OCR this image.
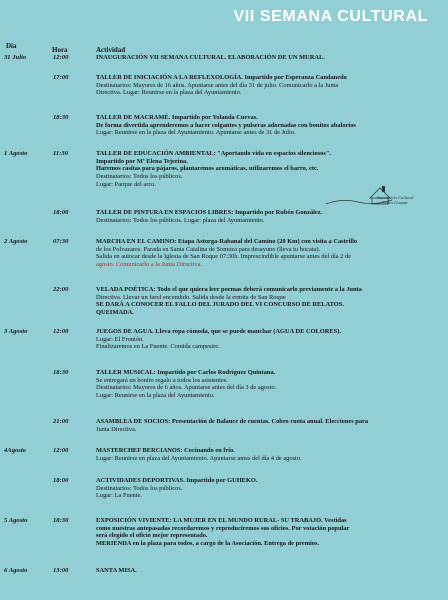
VII SEMANA CULTURAL
Día	Hora	Actividad
Asociación Cultural
Pedro Gaspar
31 Julio	12:00	INAUGURACIÓN VII SEMANA CULTURAL. ELABORACIÓN DE UN MURAL.
17:00	TALLER DE INICIACIÓN A LA REFLEXOLOGÍA. Impartido por Esperanza Candanedo
Destinatarios: Mayores de 16 años. Apuntarse antes del día 31 de julio. Comunicarlo a la Junta
Directiva. Lugar: Reunirse en la plaza del Ayuntamiento.
18:30	TALLER DE MACRAMÉ. Impartido por Yolanda Cuevas.
De forma divertida aprenderemos a hacer colgantes y pulseras adornadas con bonitos abalorios
Lugar: Reunirse en la plaza del Ayuntamiento. Apuntarse antes de 31 de Julio.
1 Agosto	11:30	TALLER DE EDUCACIÓN AMBIENTAL: "Aportando vida en espacios silenciosos".
Impartido por Mª Elena Tejerina.
Haremos casitas para pájaros, plantaremos aromáticas, utilizaremos el barro, etc.
Destinatarios: Todos los públicos.
Lugar: Parque del arco.
18:00	TALLER DE PINTURA EN ESPACIOS LIBRES: Impartido por Rubén González.
Destinatarios: Todos los públicos. Lugar: plaza del Ayuntamiento.
2 Agosto	07:30	MARCHA EN EL CAMINO: Etapa Astorga-Rabanal del Camino (20 Km) con visita a Castrillo
de los Polvazares. Parada en Santa Catalina de Somoza para desayuno (lleva tu bocata).
Salida en autocar desde la Iglesia de San Roque 07:30h. Imprescindible apuntarse antes del día 2 de
agosto. Comunicarlo a la Junta Directiva.
22:00	VELADA POÉTICA: Todo el que quiera leer poemas deberá comunicarlo previamente a la Junta
Directiva. Llevar un farol encendido. Salida desde la ermita de San Roque
SE DARÁ A CONOCER EL FALLO DEL JURADO DEL VI CONCURSO DE RELATOS.
QUEIMADA.
3 Agosto	12:00	JUEGOS DE AGUA. Lleva ropa cómoda, que se puede manchar (AGUA DE COLORES).
Lugar: El Frontón.
Finalizaremos en La Fuente. Comida campestre.
18:30	TALLER MUSICAL: Impartido por Carlos Rodríguez Quintana.
Se entregará un bonito regalo a todos los asistentes.
Destinatarios: Mayores de 6 años. Apuntarse antes del día 3 de agosto.
Lugar: Reunirse en la plaza del Ayuntamiento.
21:00	ASAMBLEA DE SOCIOS: Presentación de Balance de cuentas. Cobro cuota anual. Elecciones para
Junta Directiva.
4Agosto	12:00	MASTERCHEF BERCIANOS: Cocinando en frío.
Lugar: Reunirse en plaza del Ayuntamiento. Apuntarse antes del día 4 de agosto.
18:00	ACTIVIDADES DEPORTIVAS. Impartido por GUHEKO.
Destinatarios: Todos los públicos.
Lugar: La Fuente.
5 Agosto	18:30	EXPOSICIÓN VIVIENTE: LA MUJER EN EL MUNDO RURAL- SU TRABAJO. Vestidas
como nuestras antepasadas recordaremos y reproduciremos sus oficios. Por votación popular
será elegido el oficio mejor representado.
MERIENDA en la plaza para todos, a cargo de la Asociación. Entrega de premios.
6 Agosto	13:00	SANTA MISA.
